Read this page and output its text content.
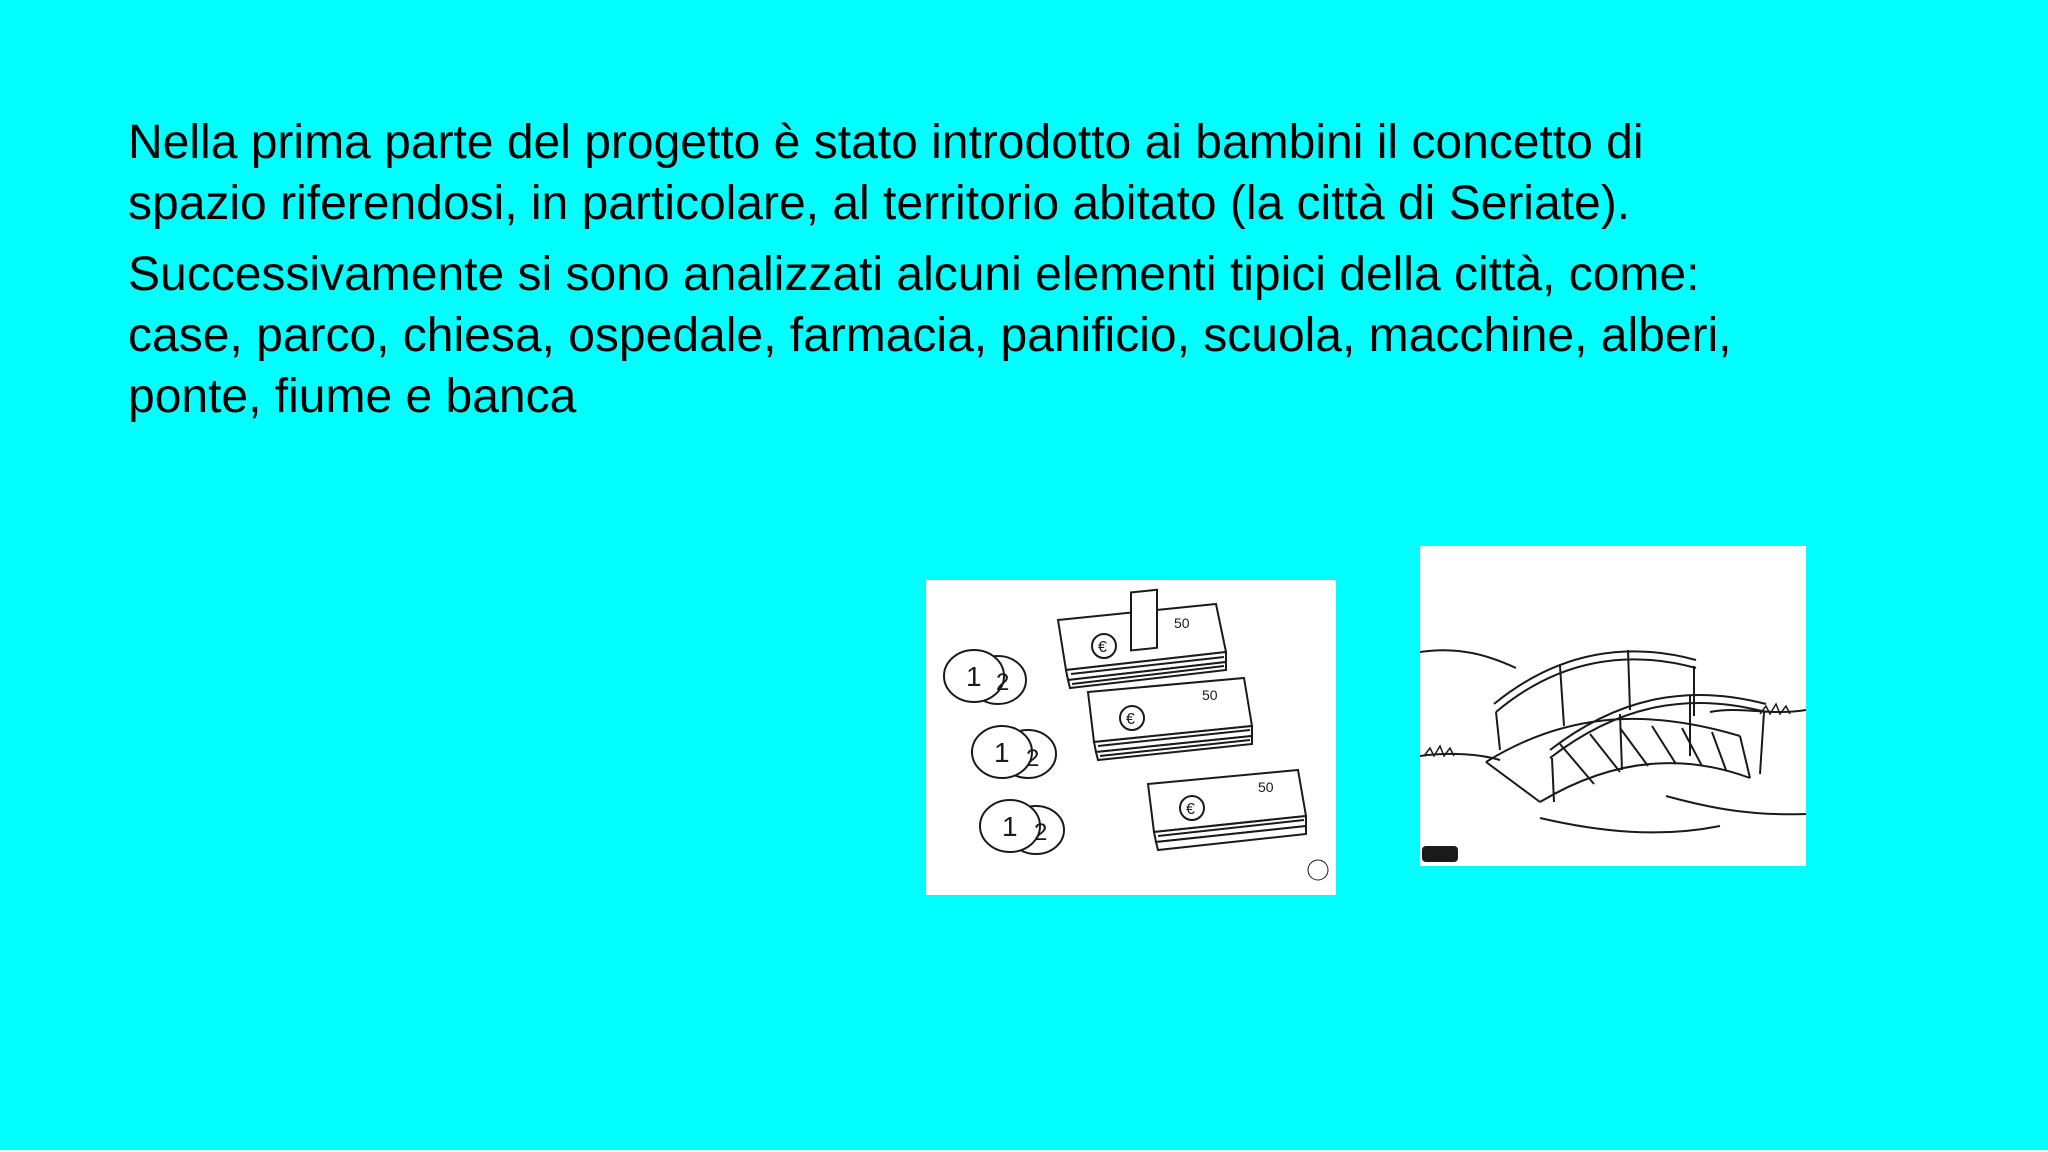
Nella prima parte del progetto è stato introdotto ai bambini il concetto di
spazio riferendosi, in particolare, al territorio abitato (la città di Seriate).

Successivamente si sono analizzati alcuni elementi tipici della città, come:
case, parco, chiesa, ospedale, farmacia, panificio, scuola, macchine, alberi,
ponte, fiume e banca

€
50
€
50
€
50
1 2
1 2
1 2
